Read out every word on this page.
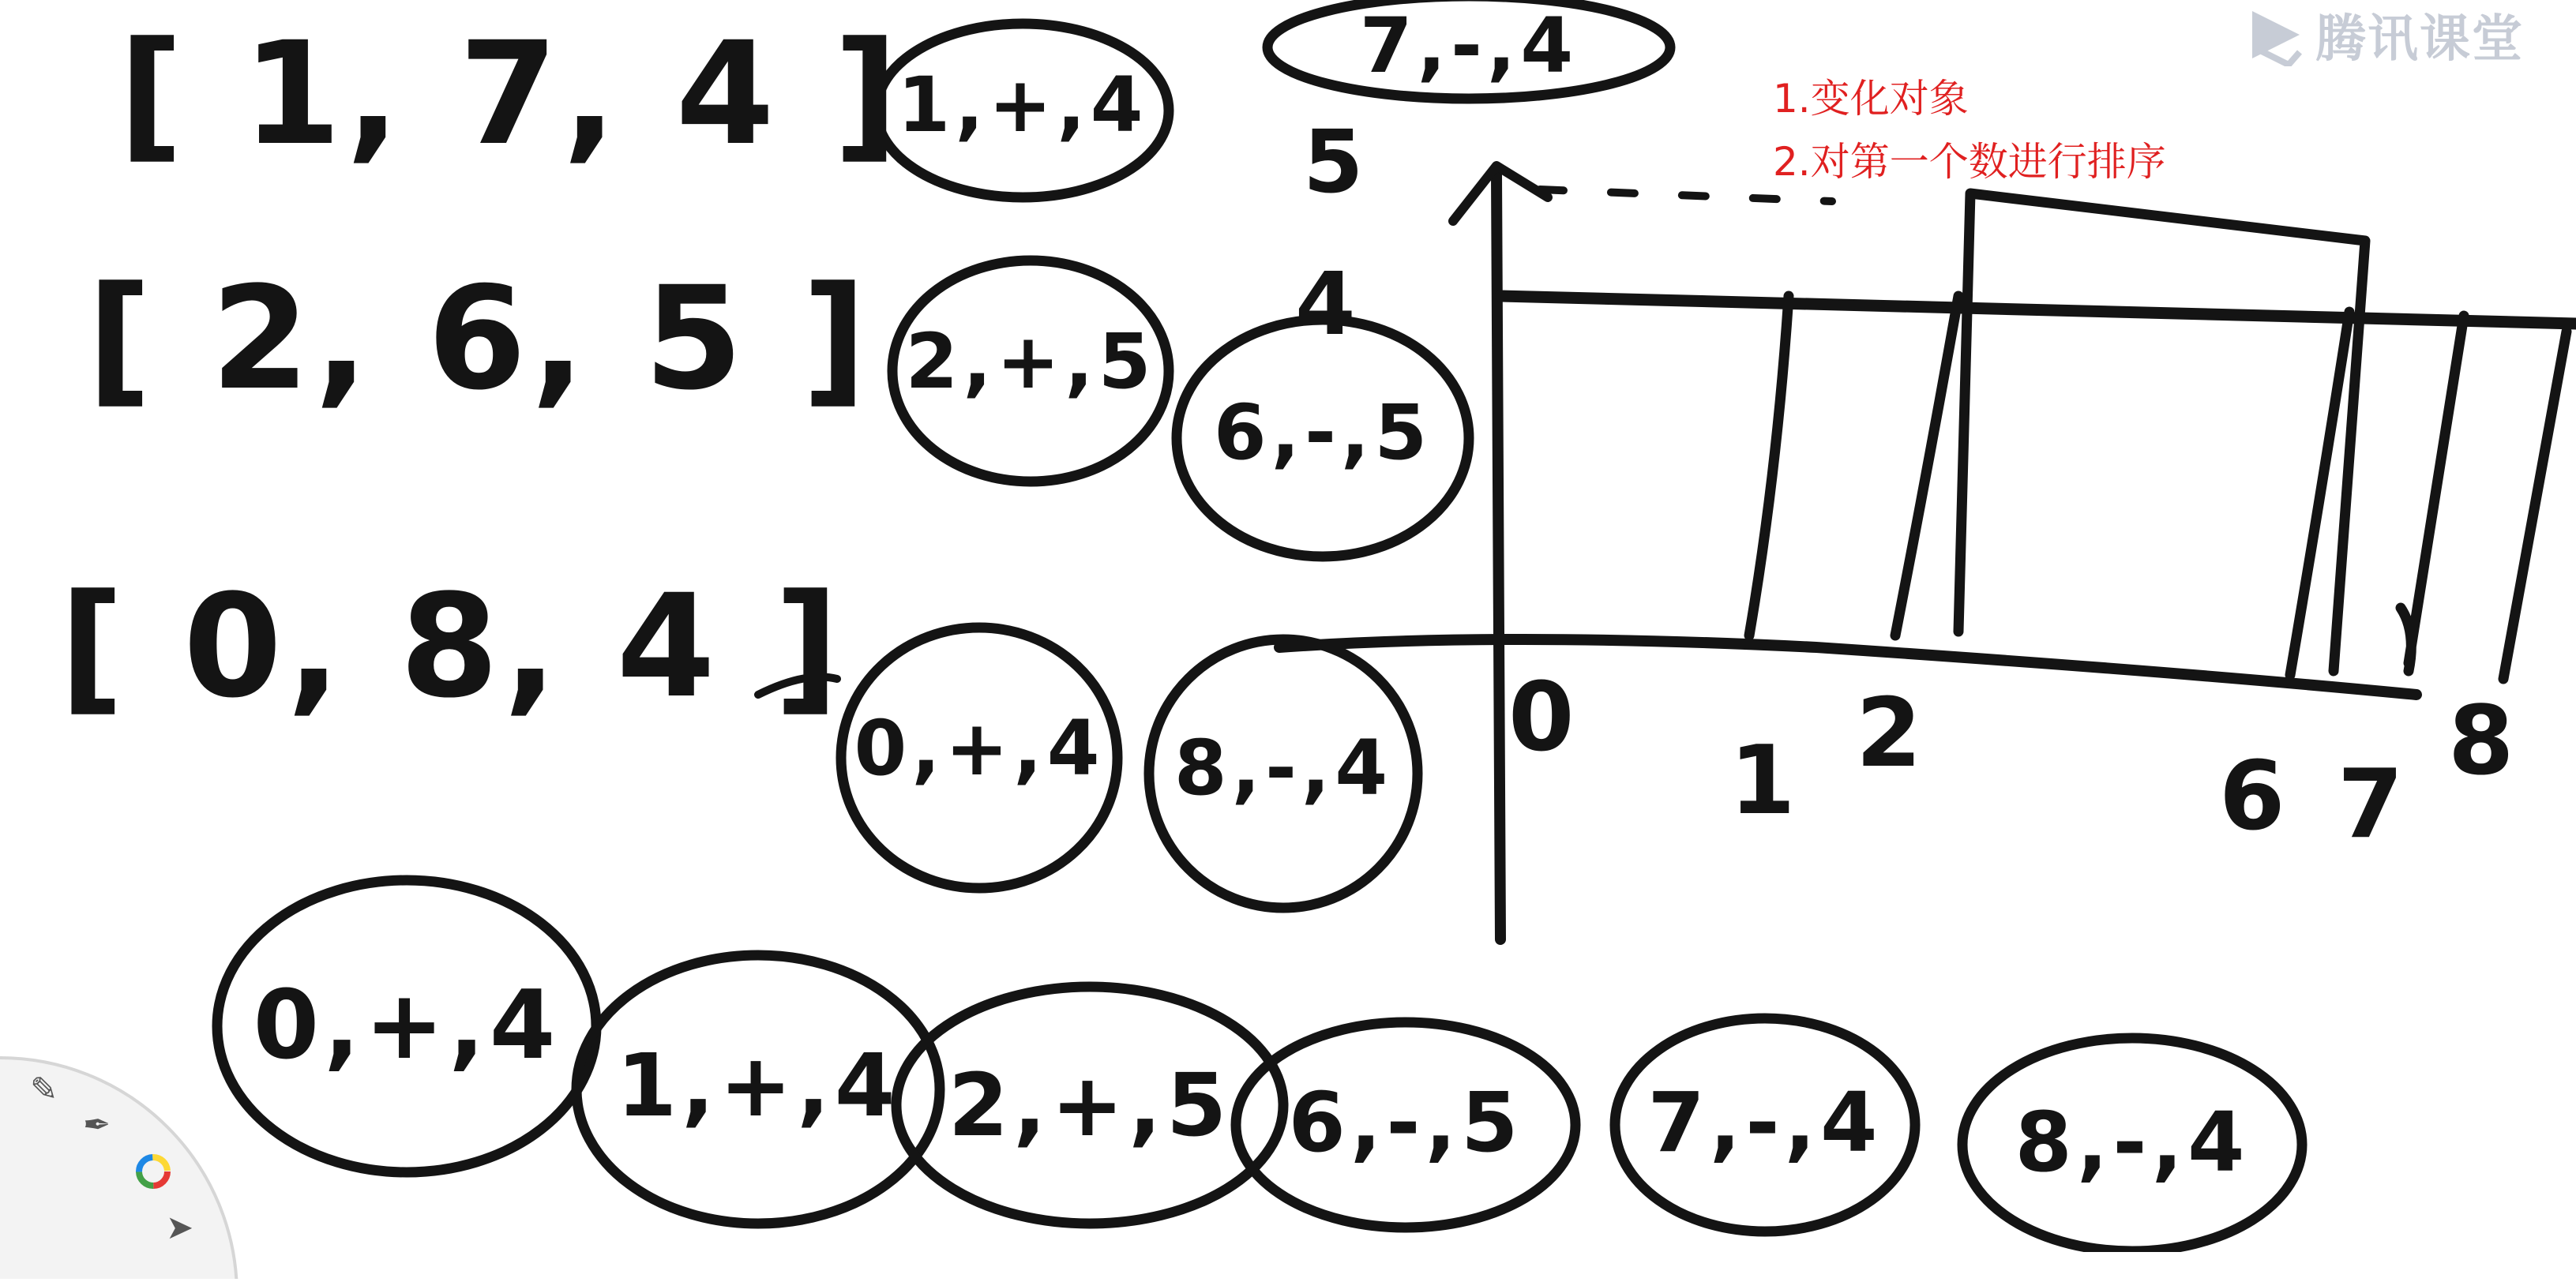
[ 1, 7, 4 ]
[ 2, 6, 5 ]
[ 0, 8, 4 ]
1,+,4
7,-,4
2,+,5
6,-,5
0,+,4 8,-,4
5
4
0
1 2
6 7
8
0,+,4
1,+,4 2,+,5 6,-,5	7,-,4	8,-,4
1.变化对象
2.对第一个数进行排序
腾讯课堂
✎
✒
➤
